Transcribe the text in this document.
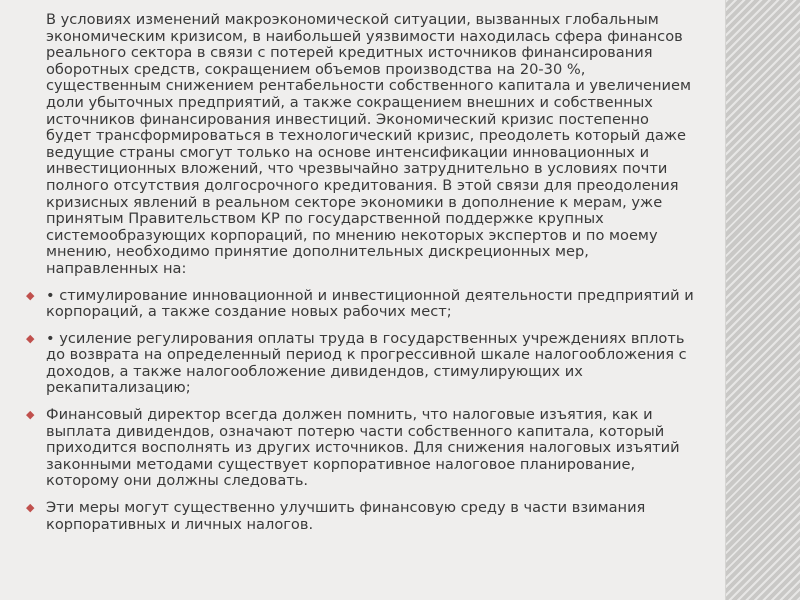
В условиях изменений макроэкономической ситуации, вызванных глобальным экономическим кризисом, в наибольшей уязвимости находилась сфера финансов реального сектора в связи с потерей кредитных источников финансирования оборотных средств, сокращением объемов производства на 20-30 %, существенным снижением рентабельности собственного капитала и увеличением доли убыточных предприятий, а также сокращением внешних и собственных источников финансирования инвестиций. Экономический кризис постепенно будет трансформироваться в технологический кризис, преодолеть который даже ведущие страны смогут только на основе интенсификации инновационных и инвестиционных вложений, что чрезвычайно затруднительно в условиях почти полного отсутствия долгосрочного кредитования. В этой связи для преодоления кризисных явлений в реальном секторе экономики в дополнение к мерам, уже принятым Правительством КР по государственной поддержке крупных системообразующих корпораций, по мнению некоторых экспертов и по моему мнению, необходимо принятие дополнительных дискреционных мер, направленных на:

◆ • стимулирование инновационной и инвестиционной деятельности предприятий и корпораций, а также создание новых рабочих мест;
◆ • усиление регулирования оплаты труда в государственных учреждениях вплоть до возврата на определенный период к прогрессивной шкале налогообложения с доходов, а также налогообложение дивидендов, стимулирующих их рекапитализацию;
◆ Финансовый директор всегда должен помнить, что налоговые изъятия, как и выплата дивидендов, означают потерю части собственного капитала, который приходится восполнять из других источников. Для снижения налоговых изъятий законными методами существует корпоративное налоговое планирование, которому они должны следовать.
◆ Эти меры могут существенно улучшить финансовую среду в части взимания корпоративных и личных налогов.
